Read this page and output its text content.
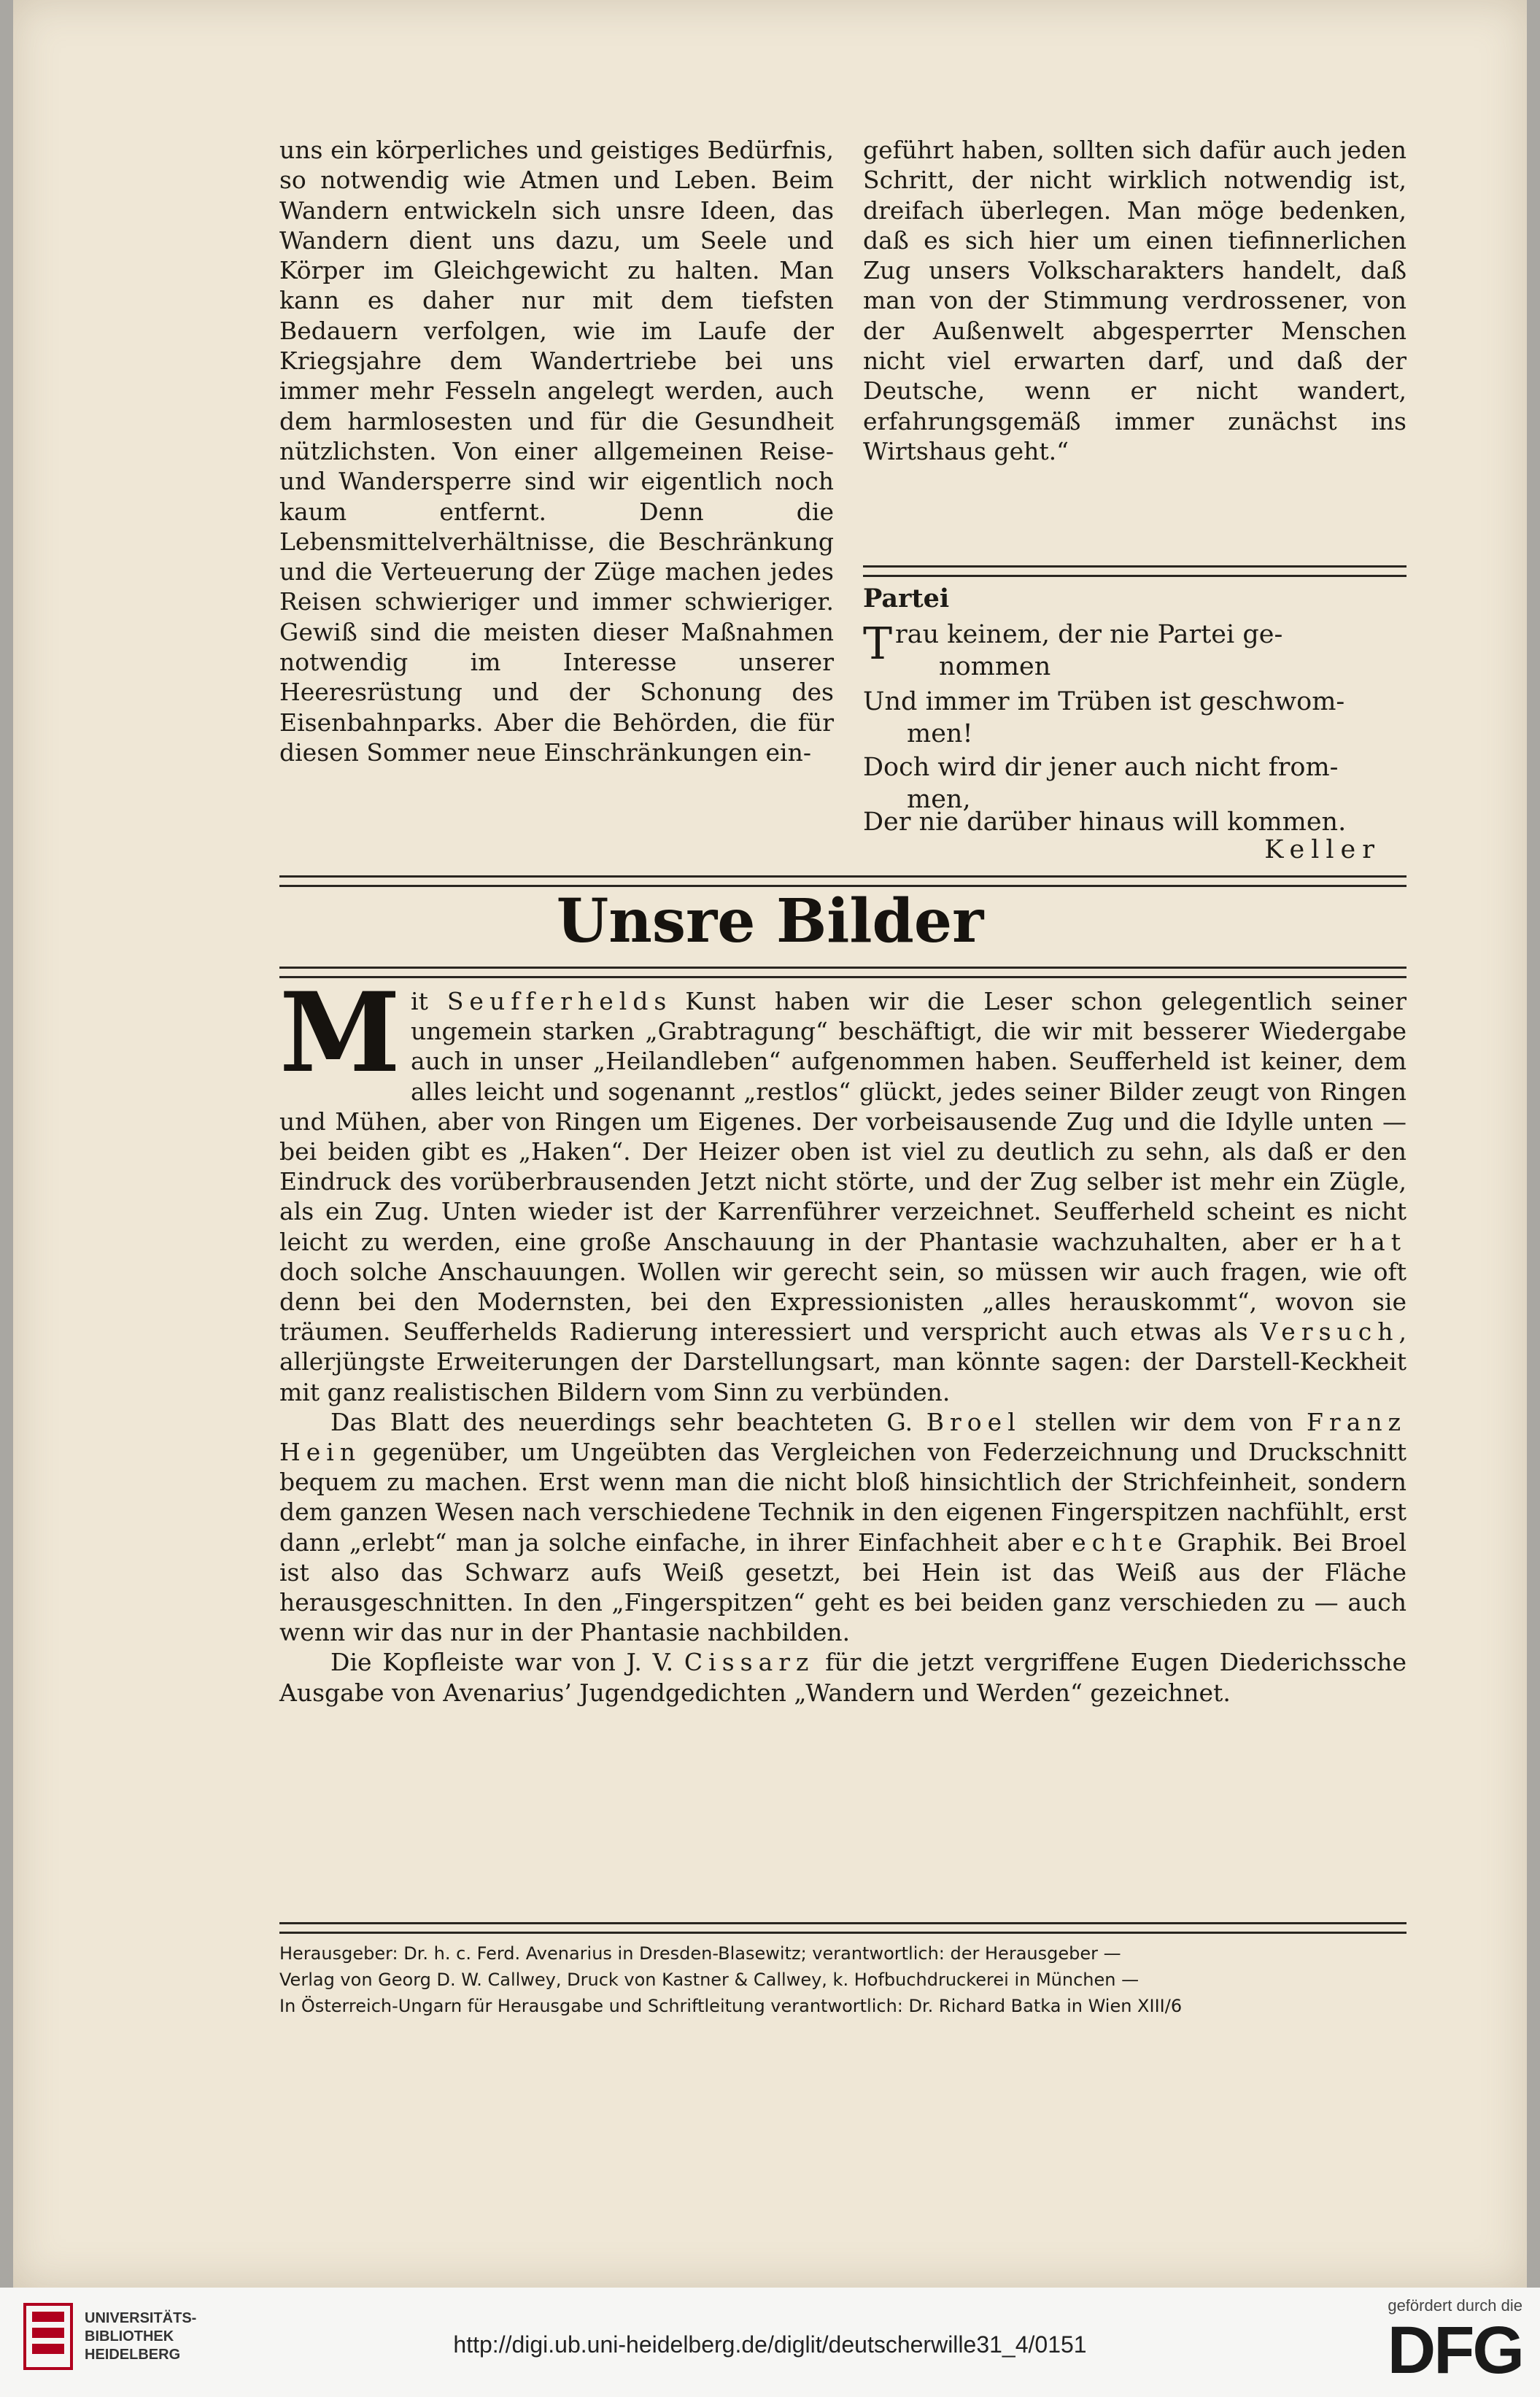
uns ein körperliches und geistiges Bedürfnis, so notwendig wie Atmen und Leben. Beim Wandern entwickeln sich unsre Ideen, das Wandern dient uns dazu, um Seele und Körper im Gleichgewicht zu halten. Man kann es daher nur mit dem tiefsten Bedauern verfolgen, wie im Laufe der Kriegsjahre dem Wandertriebe bei uns immer mehr Fesseln angelegt werden, auch dem harmlosesten und für die Gesundheit nützlichsten. Von einer allgemeinen Reise- und Wandersperre sind wir eigentlich noch kaum entfernt. Denn die Lebensmittelverhältnisse, die Beschränkung und die Verteuerung der Züge machen jedes Reisen schwieriger und immer schwieriger. Gewiß sind die meisten dieser Maßnahmen notwendig im Interesse unserer Heeresrüstung und der Schonung des Eisenbahnparks. Aber die Behörden, die für diesen Sommer neue Einschränkungen ein-

geführt haben, sollten sich dafür auch jeden Schritt, der nicht wirklich notwendig ist, dreifach überlegen. Man möge bedenken, daß es sich hier um einen tiefinnerlichen Zug unsers Volkscharakters handelt, daß man von der Stimmung verdrossener, von der Außenwelt abgesperrter Menschen nicht viel erwarten darf, und daß der Deutsche, wenn er nicht wandert, erfahrungsgemäß immer zunächst ins Wirtshaus geht.“

Partei
Trau keinem, der nie Partei ge-
nommen
Und immer im Trüben ist geschwom-
men!
Doch wird dir jener auch nicht from-
men,
Der nie darüber hinaus will kommen.
Keller
Unsre Bilder

Mit Seufferhelds Kunst haben wir die Leser schon gelegentlich seiner ungemein starken „Grabtragung“ beschäftigt, die wir mit besserer Wiedergabe auch in unser „Heilandleben“ aufgenommen haben. Seufferheld ist keiner, dem alles leicht und sogenannt „restlos“ glückt, jedes seiner Bilder zeugt von Ringen und Mühen, aber von Ringen um Eigenes. Der vorbeisausende Zug und die Idylle unten — bei beiden gibt es „Haken“. Der Heizer oben ist viel zu deutlich zu sehn, als daß er den Eindruck des vorüberbrausenden Jetzt nicht störte, und der Zug selber ist mehr ein Zügle, als ein Zug. Unten wieder ist der Karrenführer verzeichnet. Seufferheld scheint es nicht leicht zu werden, eine große Anschauung in der Phantasie wachzuhalten, aber er hat doch solche Anschauungen. Wollen wir gerecht sein, so müssen wir auch fragen, wie oft denn bei den Modernsten, bei den Expressionisten „alles herauskommt“, wovon sie träumen. Seufferhelds Radierung interessiert und verspricht auch etwas als Versuch, allerjüngste Erweiterungen der Darstellungsart, man könnte sagen: der Darstell-Keckheit mit ganz realistischen Bildern vom Sinn zu verbünden.

Das Blatt des neuerdings sehr beachteten G. Broel stellen wir dem von Franz Hein gegenüber, um Ungeübten das Vergleichen von Federzeichnung und Druckschnitt bequem zu machen. Erst wenn man die nicht bloß hinsichtlich der Strichfeinheit, sondern dem ganzen Wesen nach verschiedene Technik in den eigenen Fingerspitzen nachfühlt, erst dann „erlebt“ man ja solche einfache, in ihrer Einfachheit aber echte Graphik. Bei Broel ist also das Schwarz aufs Weiß gesetzt, bei Hein ist das Weiß aus der Fläche herausgeschnitten. In den „Fingerspitzen“ geht es bei beiden ganz verschieden zu — auch wenn wir das nur in der Phantasie nachbilden.

Die Kopfleiste war von J. V. Cissarz für die jetzt vergriffene Eugen Diederichssche Ausgabe von Avenarius’ Jugendgedichten „Wandern und Werden“ gezeichnet.

Herausgeber: Dr. h. c. Ferd. Avenarius in Dresden-Blasewitz; verantwortlich: der Herausgeber —
Verlag von Georg D. W. Callwey, Druck von Kastner & Callwey, k. Hofbuchdruckerei in München —
In Österreich-Ungarn für Herausgabe und Schriftleitung verantwortlich: Dr. Richard Batka in Wien XIII/6
UNIVERSITÄTS-
BIBLIOTHEK
HEIDELBERG	http://digi.ub.uni-heidelberg.de/diglit/deutscherwille31_4/0151
gefördert durch die
DFG
